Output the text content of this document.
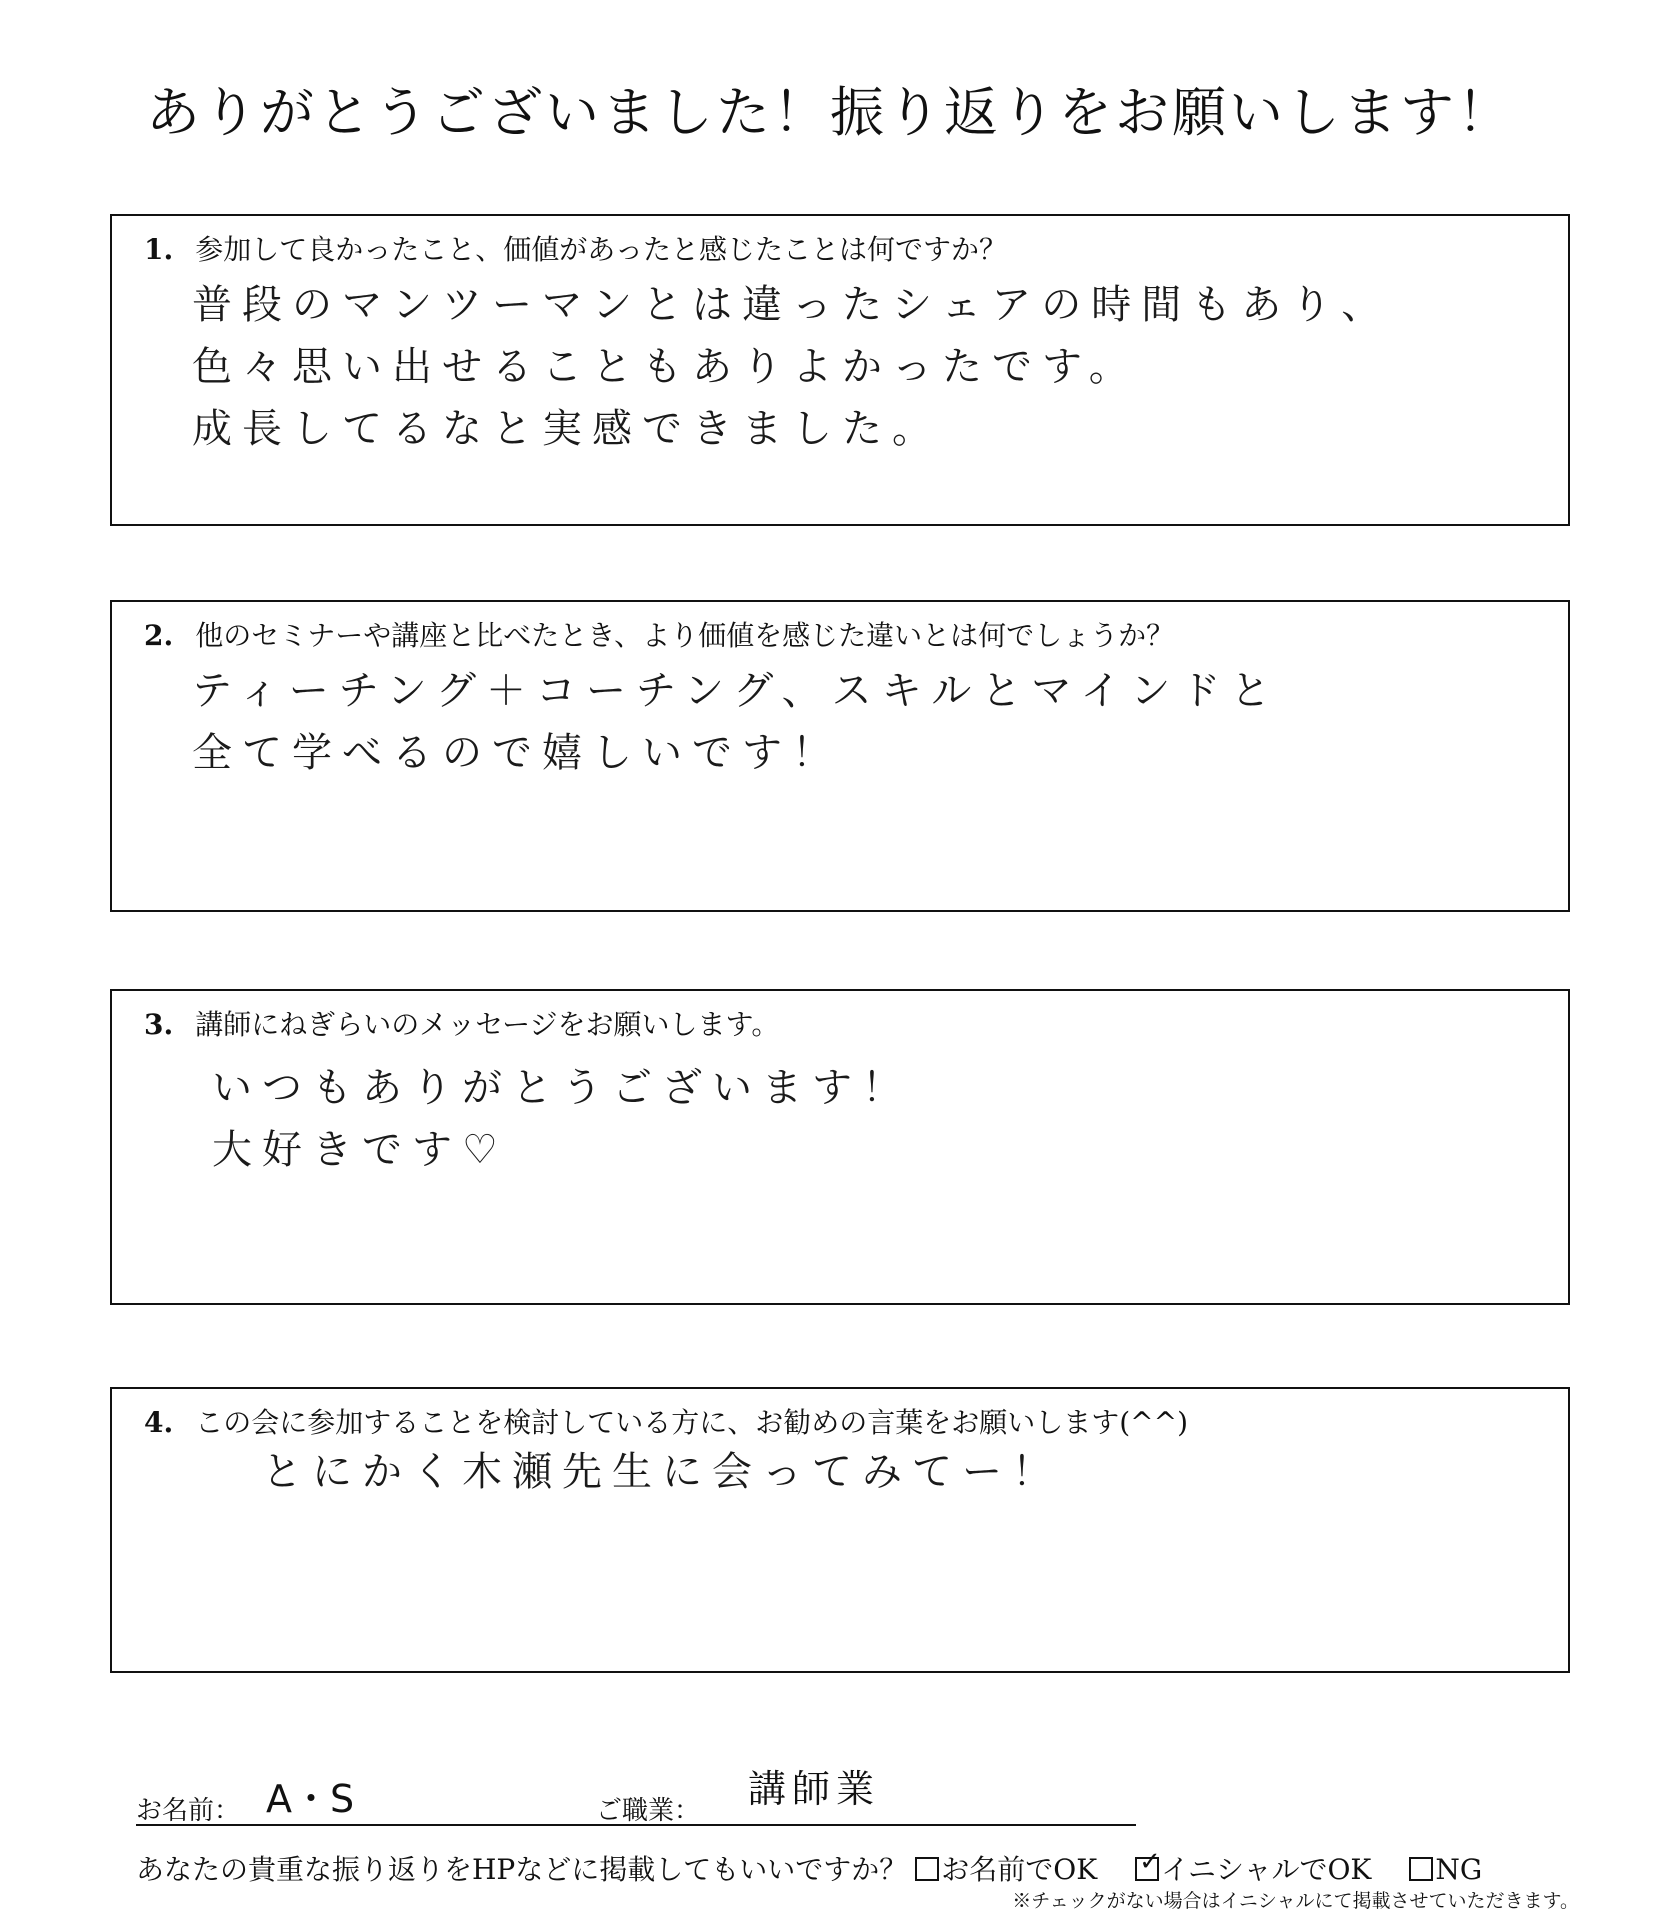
ありがとうございました！振り返りをお願いします！
1. 参加して良かったこと、価値があったと感じたことは何ですか？
普段のマンツーマンとは違ったシェアの時間もあり、
色々思い出せることもありよかったです。
成長してるなと実感できました。
2. 他のセミナーや講座と比べたとき、より価値を感じた違いとは何でしょうか？
ティーチング＋コーチング、スキルとマインドと
全て学べるので嬉しいです！
3. 講師にねぎらいのメッセージをお願いします。
いつもありがとうございます！
大好きです♡
4. この会に参加することを検討している方に、お勧めの言葉をお願いします(^^)
とにかく木瀬先生に会ってみてー！
お名前： A・S	ご職業： 講師業
あなたの貴重な振り返りをHPなどに掲載してもいいですか？ お名前でOK ✓ イニシャルでOK NG
※チェックがない場合はイニシャルにて掲載させていただきます。
